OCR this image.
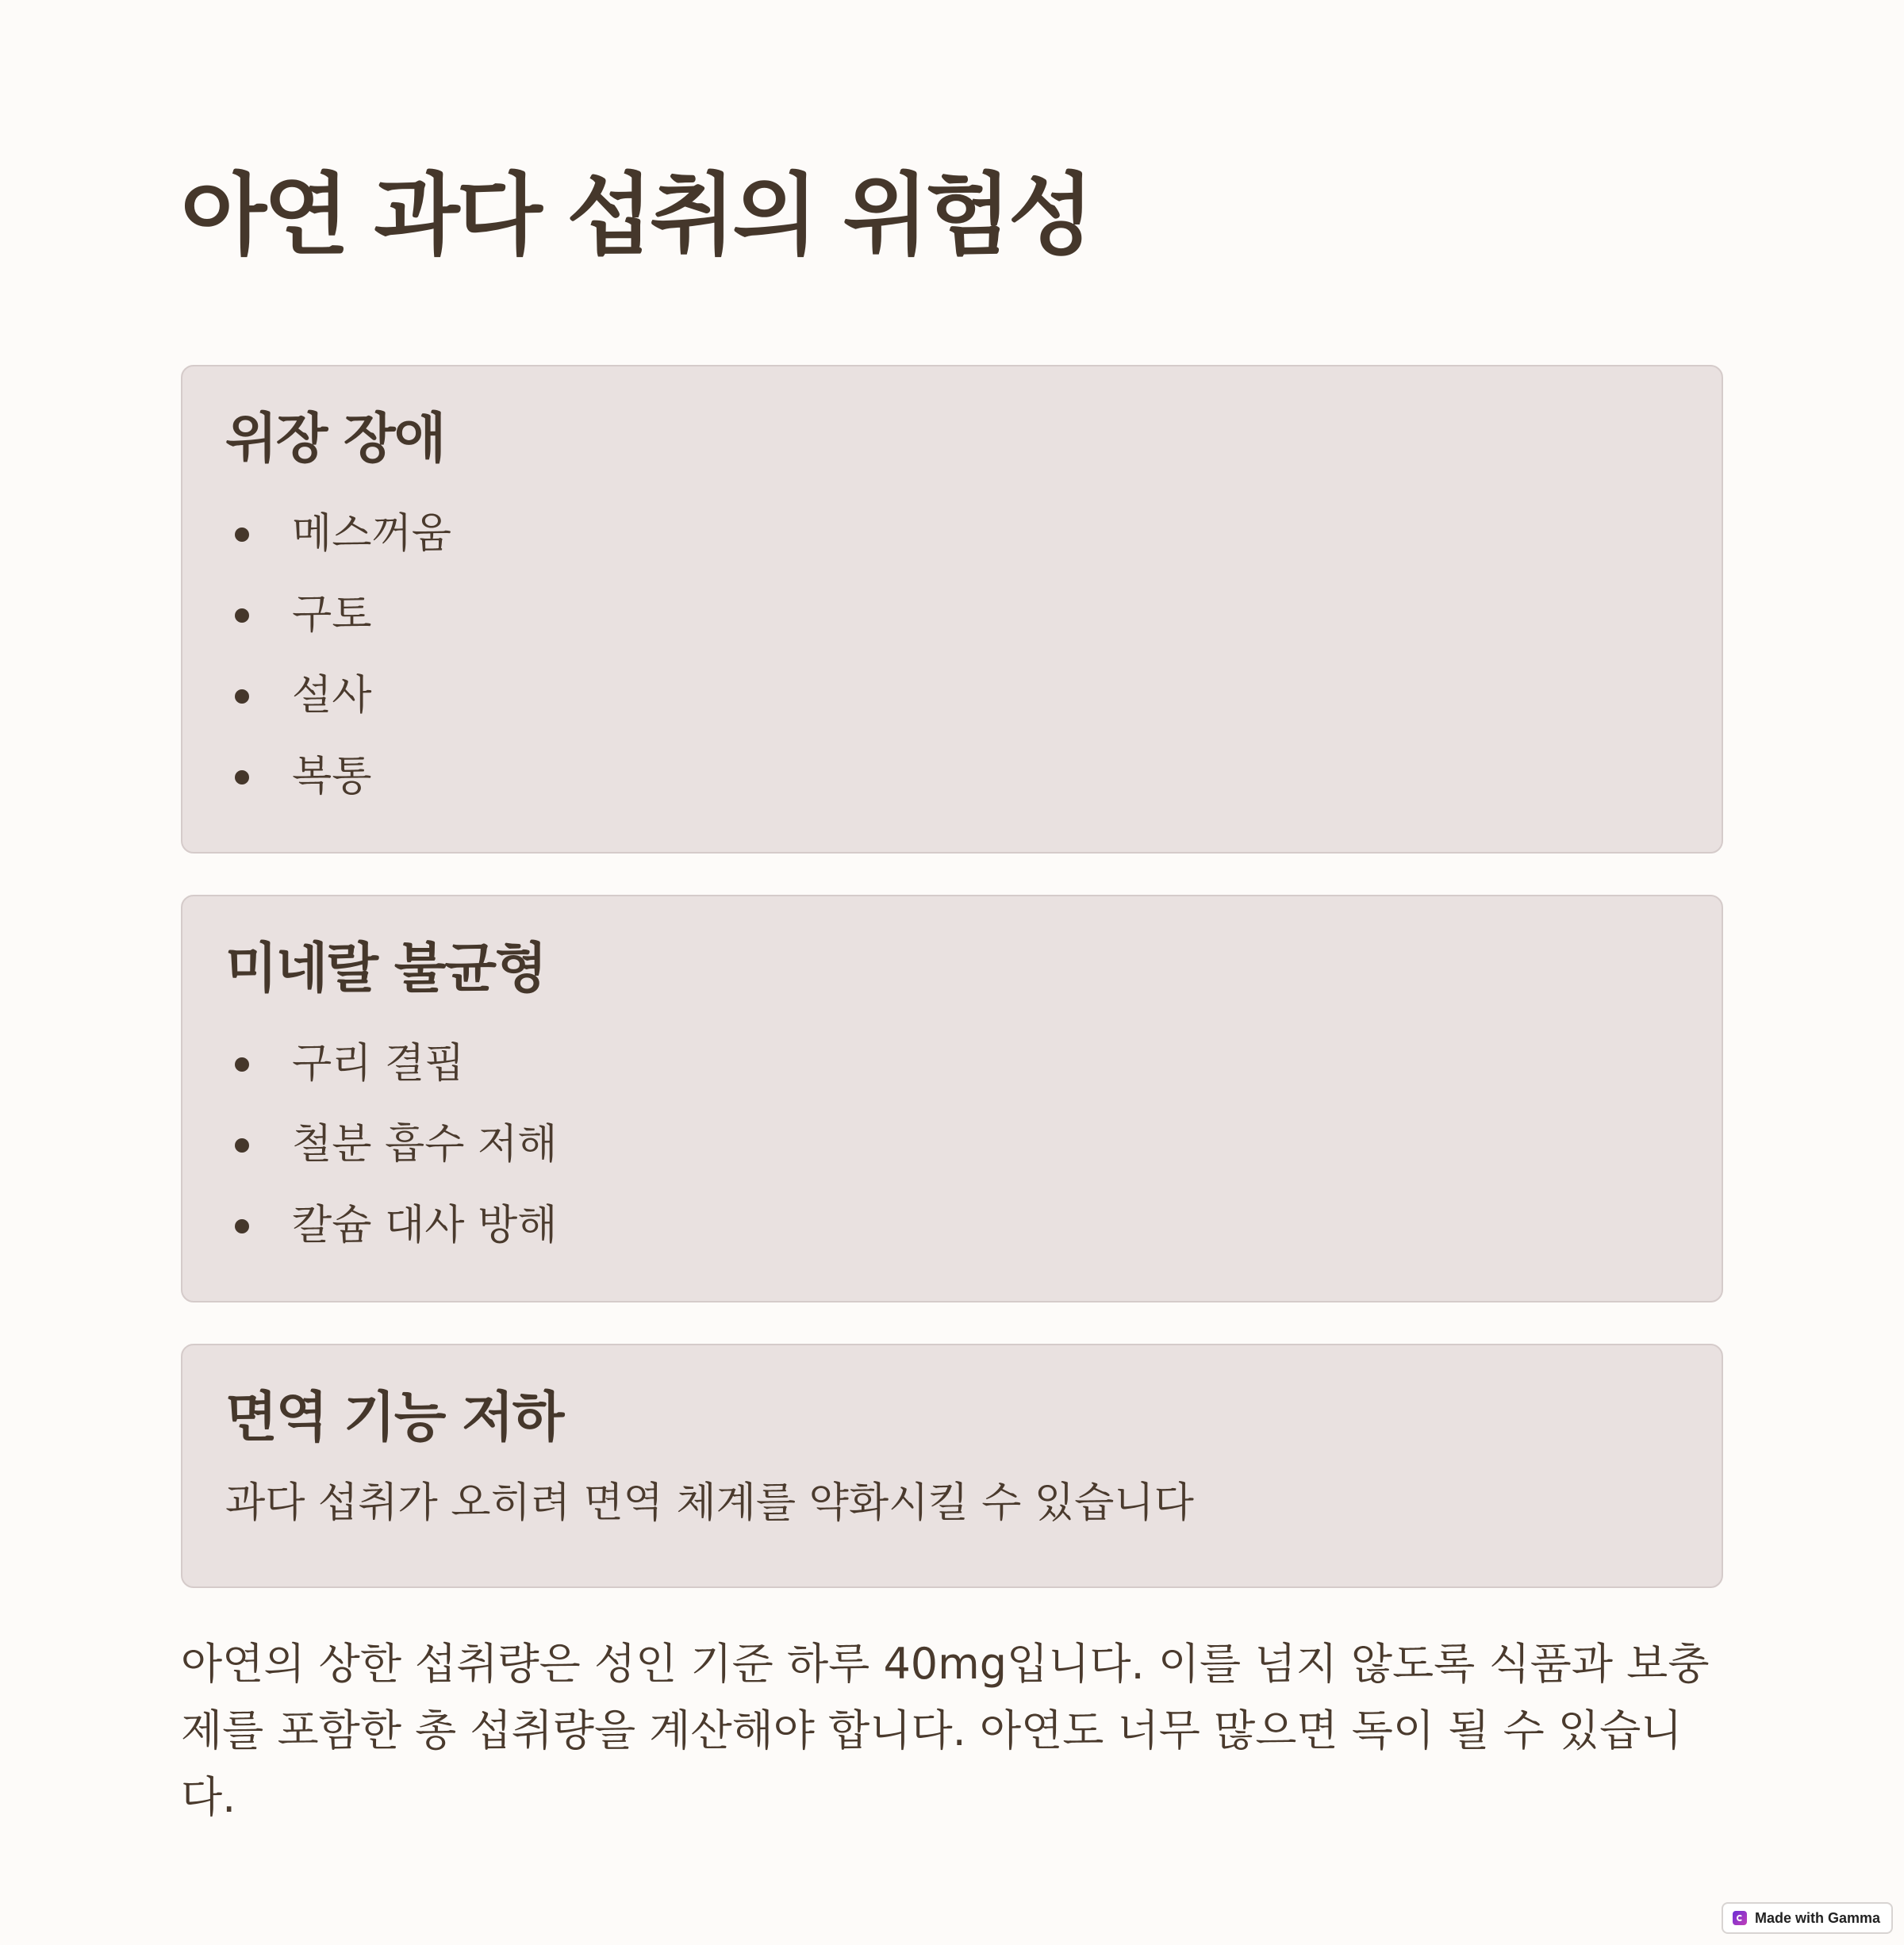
아연 과다 섭취의 위험성
위장 장애
메스꺼움
구토
설사
복통
미네랄 불균형
구리 결핍
철분 흡수 저해
칼슘 대사 방해
면역 기능 저하

과다 섭취가 오히려 면역 체계를 약화시킬 수 있습니다

아연의 상한 섭취량은 성인 기준 하루 40mg입니다. 이를 넘지 않도록 식품과 보충제를 포함한 총 섭취량을 계산해야 합니다. 아연도 너무 많으면 독이 될 수 있습니다.

Made with Gamma
